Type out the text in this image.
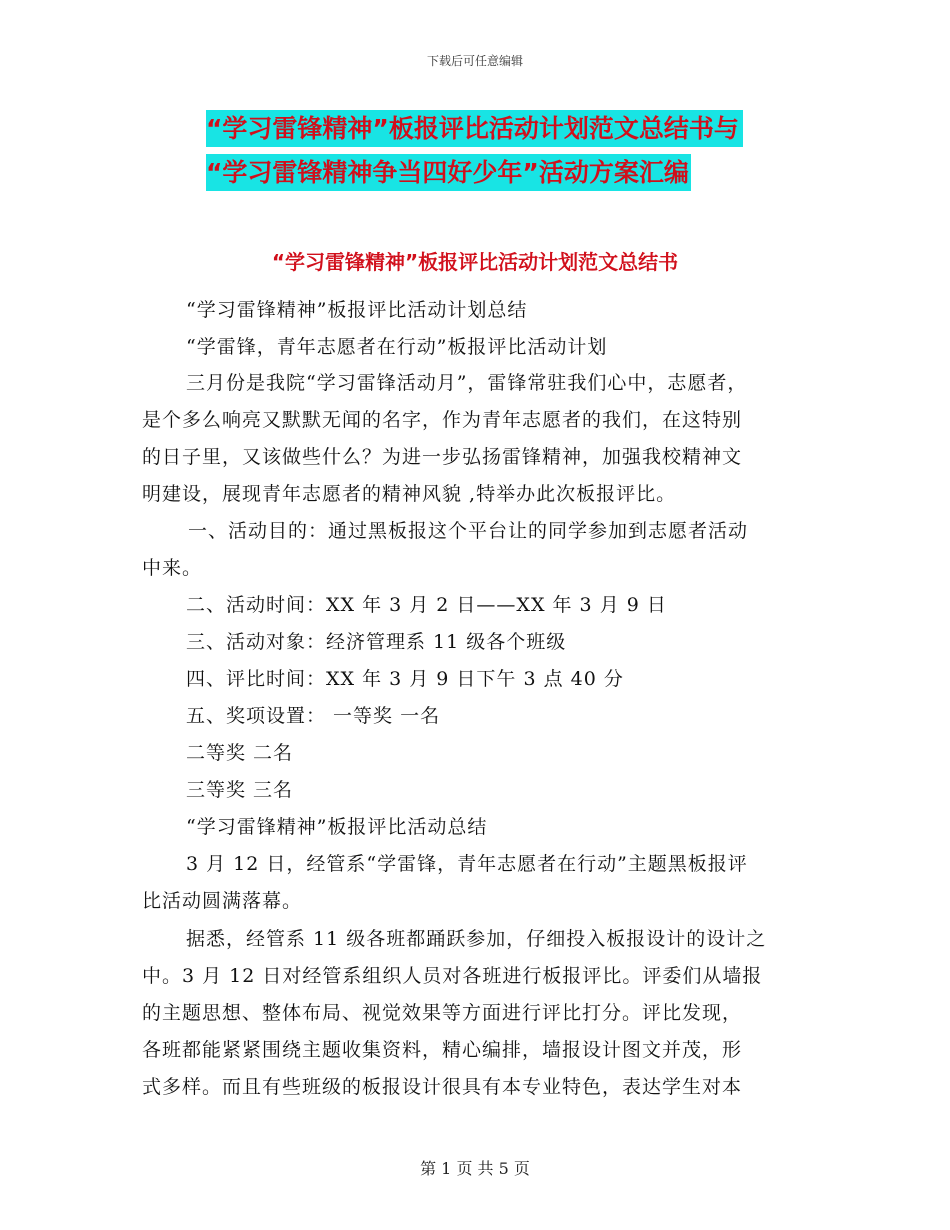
下载后可任意编辑
“学习雷锋精神”板报评比活动计划范文总结书与
“学习雷锋精神争当四好少年”活动方案汇编
“学习雷锋精神”板报评比活动计划范文总结书
“学习雷锋精神”板报评比活动计划总结
“学雷锋，青年志愿者在行动”板报评比活动计划
三月份是我院“学习雷锋活动月”，雷锋常驻我们心中，志愿者，
是个多么响亮又默默无闻的名字，作为青年志愿者的我们，在这特别
的日子里，又该做些什么？为进一步弘扬雷锋精神，加强我校精神文
明建设，展现青年志愿者的精神风貌 ,特举办此次板报评比。
一、活动目的：通过黑板报这个平台让的同学参加到志愿者活动
中来。
二、活动时间：XX 年 3 月 2 日——XX 年 3 月 9 日
三、活动对象：经济管理系 11 级各个班级
四、评比时间：XX 年 3 月 9 日下午 3 点 40 分
五、奖项设置： 一等奖 一名
二等奖 二名
三等奖 三名
“学习雷锋精神”板报评比活动总结
3 月 12 日，经管系“学雷锋，青年志愿者在行动”主题黑板报评
比活动圆满落幕。
据悉，经管系 11 级各班都踊跃参加，仔细投入板报设计的设计之
中。3 月 12 日对经管系组织人员对各班进行板报评比。评委们从墙报
的主题思想、整体布局、视觉效果等方面进行评比打分。评比发现，
各班都能紧紧围绕主题收集资料，精心编排，墙报设计图文并茂，形
式多样。而且有些班级的板报设计很具有本专业特色，表达学生对本
第 1 页 共 5 页
